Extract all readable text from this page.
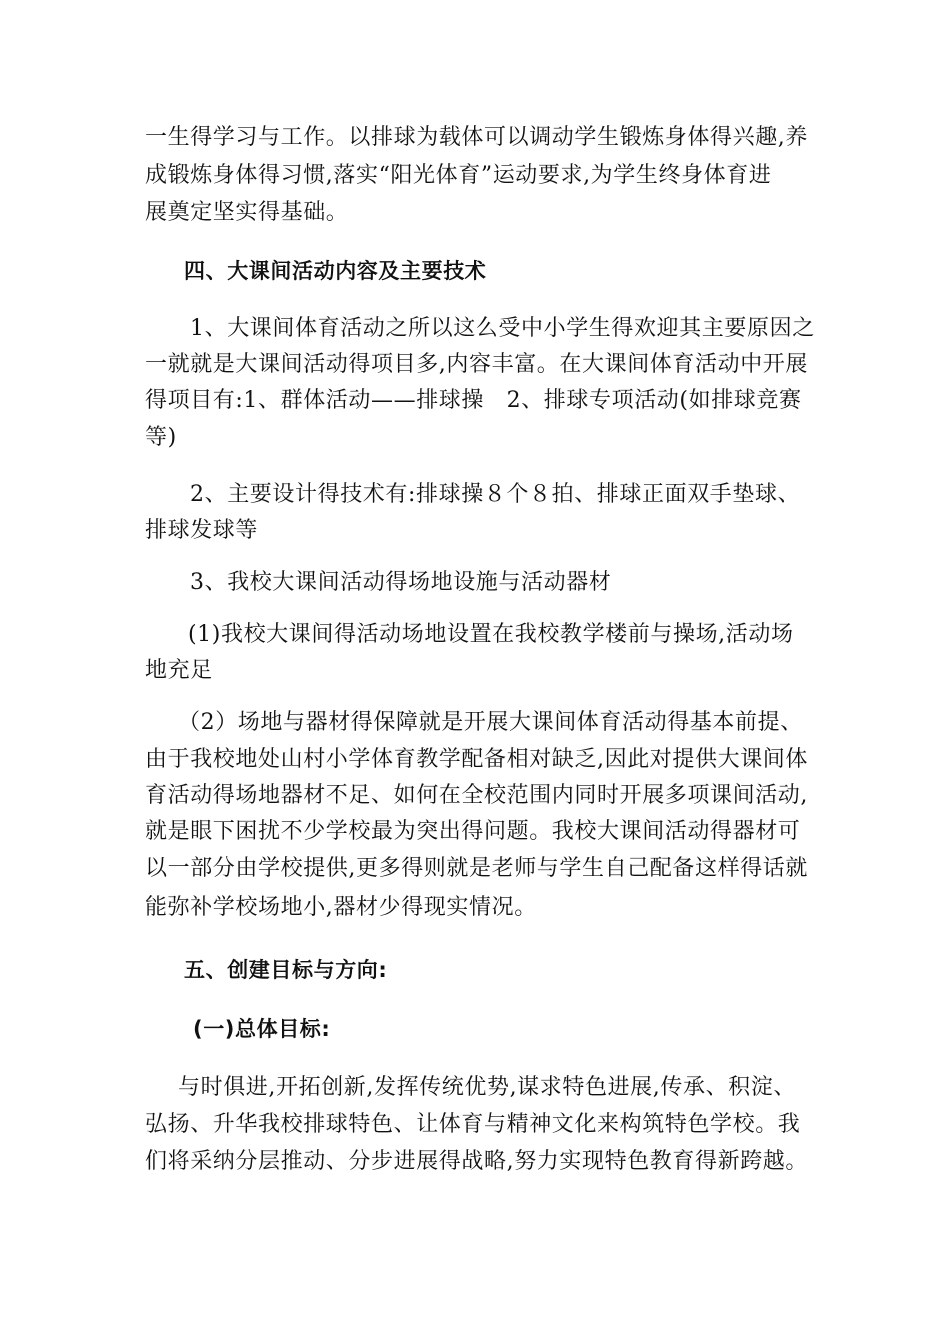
一生得学习与工作。以排球为载体可以调动学生锻炼身体得兴趣,养
成锻炼身体得习惯,落实“阳光体育”运动要求,为学生终身体育进
展奠定坚实得基础。
四、大课间活动内容及主要技术
1、大课间体育活动之所以这么受中小学生得欢迎其主要原因之
一就就是大课间活动得项目多,内容丰富。在大课间体育活动中开展
得项目有:1、群体活动——排球操　2、排球专项活动(如排球竞赛
等)
2、主要设计得技术有:排球操８个８拍、排球正面双手垫球、
排球发球等
3、我校大课间活动得场地设施与活动器材
(1)我校大课间得活动场地设置在我校教学楼前与操场,活动场
地充足
（2）场地与器材得保障就是开展大课间体育活动得基本前提、
由于我校地处山村小学体育教学配备相对缺乏,因此对提供大课间体
育活动得场地器材不足、如何在全校范围内同时开展多项课间活动,
就是眼下困扰不少学校最为突出得问题。我校大课间活动得器材可
以一部分由学校提供,更多得则就是老师与学生自己配备这样得话就
能弥补学校场地小,器材少得现实情况。
五、创建目标与方向:
(一)总体目标:
与时俱进,开拓创新,发挥传统优势,谋求特色进展,传承、积淀、
弘扬、升华我校排球特色、让体育与精神文化来构筑特色学校。我
们将采纳分层推动、分步进展得战略,努力实现特色教育得新跨越。
